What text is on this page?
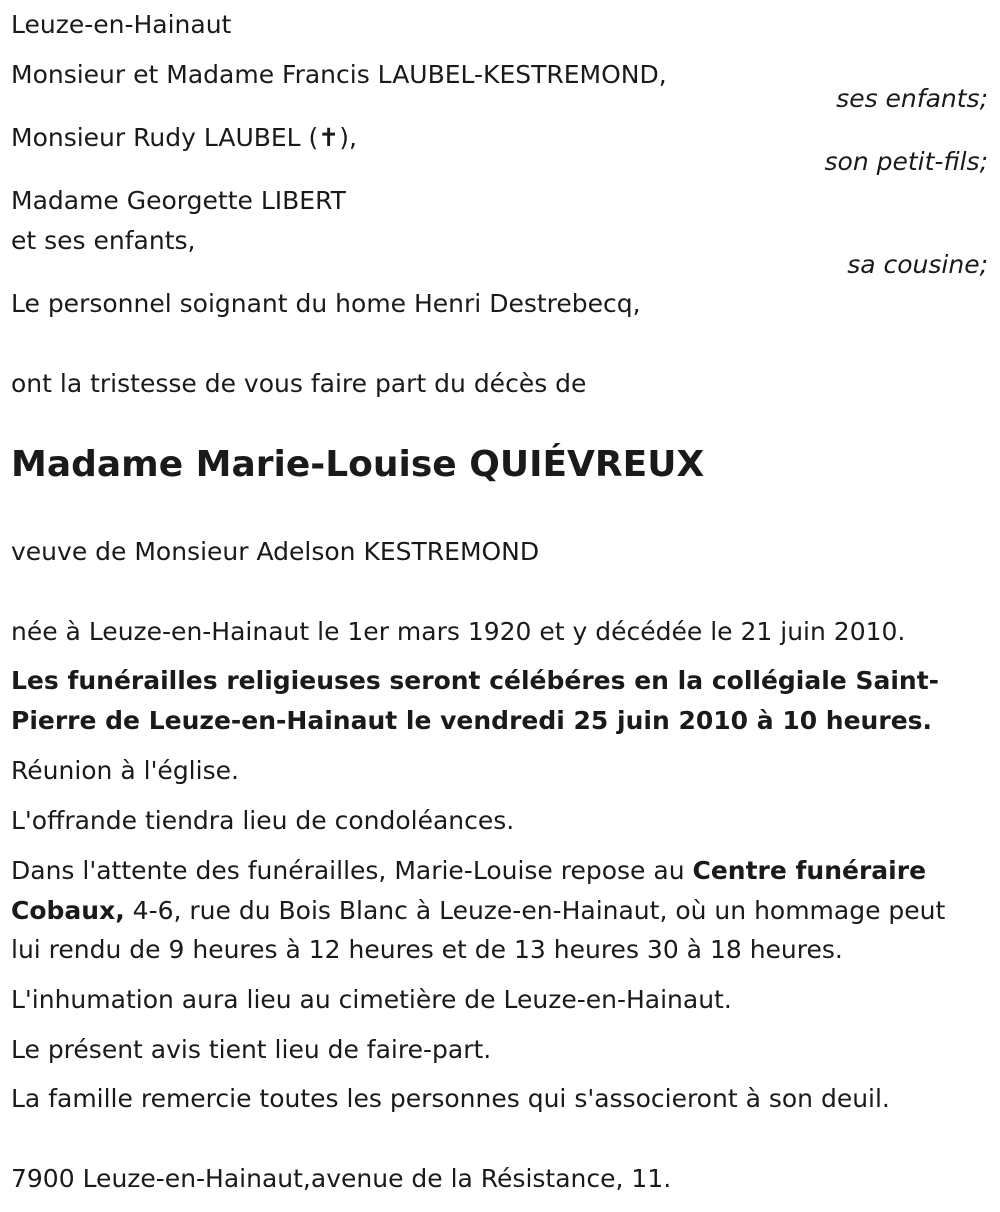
Leuze-en-Hainaut
Monsieur et Madame Francis LAUBEL-KESTREMOND,
ses enfants;
Monsieur Rudy LAUBEL (✝),
son petit-fils;
Madame Georgette LIBERT
et ses enfants,
sa cousine;
Le personnel soignant du home Henri Destrebecq,
ont la tristesse de vous faire part du décès de
Madame Marie-Louise QUIÉVREUX
veuve de Monsieur Adelson KESTREMOND
née à Leuze-en-Hainaut le 1er mars 1920 et y décédée le 21 juin 2010.
Les funérailles religieuses seront célébéres en la collégiale Saint-
Pierre de Leuze-en-Hainaut le vendredi 25 juin 2010 à 10 heures.
Réunion à l'église.
L'offrande tiendra lieu de condoléances.
Dans l'attente des funérailles, Marie-Louise repose au Centre funéraire
Cobaux, 4-6, rue du Bois Blanc à Leuze-en-Hainaut, où un hommage peut
lui rendu de 9 heures à 12 heures et de 13 heures 30 à 18 heures.
L'inhumation aura lieu au cimetière de Leuze-en-Hainaut.
Le présent avis tient lieu de faire-part.
La famille remercie toutes les personnes qui s'associeront à son deuil.
7900 Leuze-en-Hainaut,avenue de la Résistance, 11.
